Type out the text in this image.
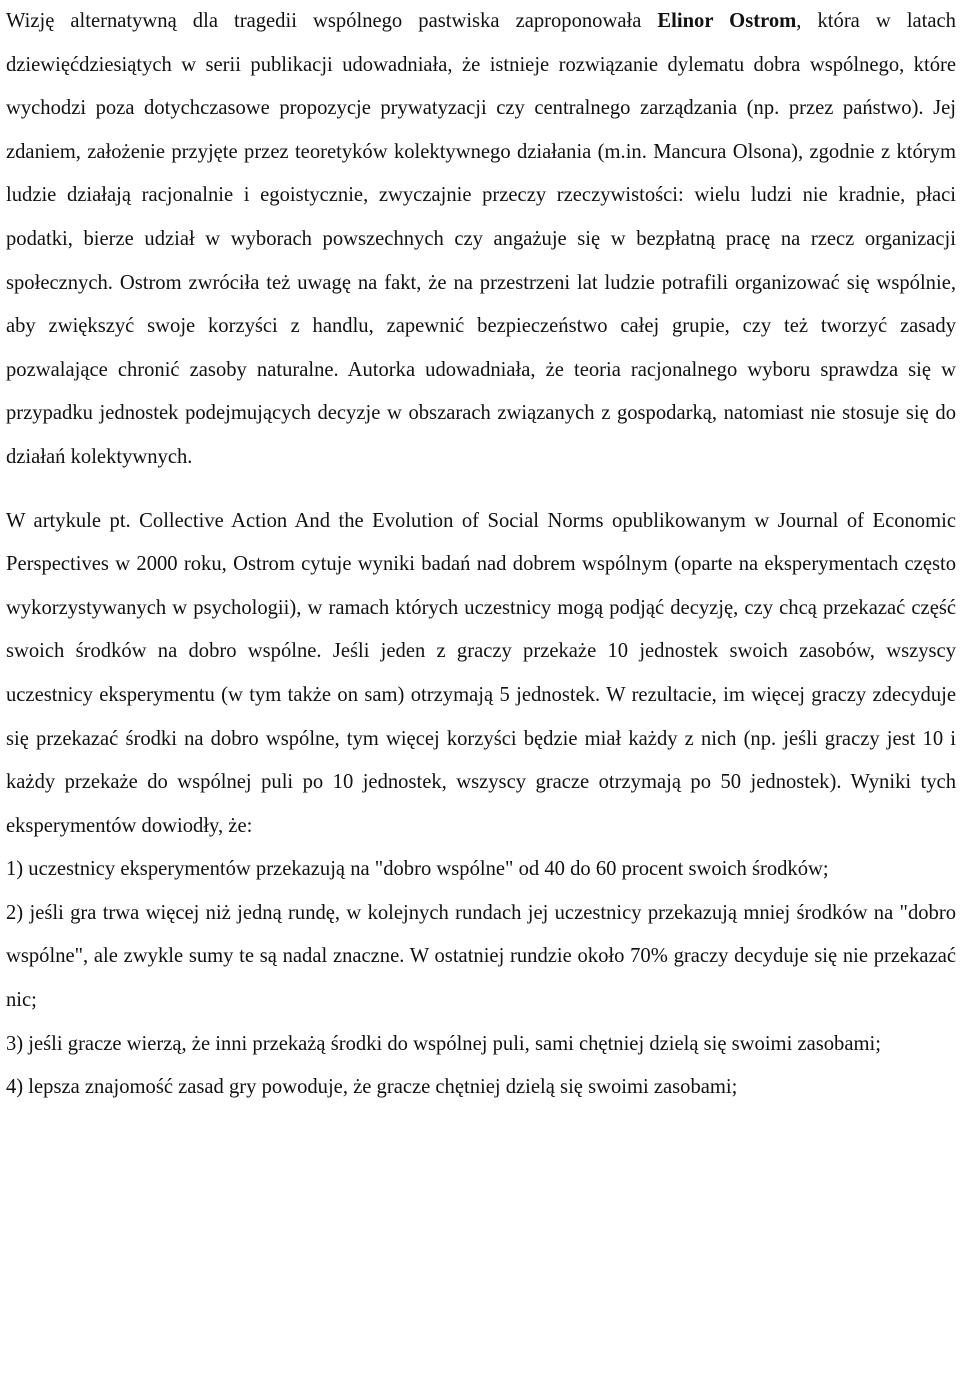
Wizję alternatywną dla tragedii wspólnego pastwiska zaproponowała Elinor Ostrom, która w latach dziewięćdziesiątych w serii publikacji udowadniała, że istnieje rozwiązanie dylematu dobra wspólnego, które wychodzi poza dotychczasowe propozycje prywatyzacji czy centralnego zarządzania (np. przez państwo). Jej zdaniem, założenie przyjęte przez teoretyków kolektywnego działania (m.in. Mancura Olsona), zgodnie z którym ludzie działają racjonalnie i egoistycznie, zwyczajnie przeczy rzeczywistości: wielu ludzi nie kradnie, płaci podatki, bierze udział w wyborach powszechnych czy angażuje się w bezpłatną pracę na rzecz organizacji społecznych. Ostrom zwróciła też uwagę na fakt, że na przestrzeni lat ludzie potrafili organizować się wspólnie, aby zwiększyć swoje korzyści z handlu, zapewnić bezpieczeństwo całej grupie, czy też tworzyć zasady pozwalające chronić zasoby naturalne. Autorka udowadniała, że teoria racjonalnego wyboru sprawdza się w przypadku jednostek podejmujących decyzje w obszarach związanych z gospodarką, natomiast nie stosuje się do działań kolektywnych.

W artykule pt. Collective Action And the Evolution of Social Norms opublikowanym w Journal of Economic Perspectives w 2000 roku, Ostrom cytuje wyniki badań nad dobrem wspólnym (oparte na eksperymentach często wykorzystywanych w psychologii), w ramach których uczestnicy mogą podjąć decyzję, czy chcą przekazać część swoich środków na dobro wspólne. Jeśli jeden z graczy przekaże 10 jednostek swoich zasobów, wszyscy uczestnicy eksperymentu (w tym także on sam) otrzymają 5 jednostek. W rezultacie, im więcej graczy zdecyduje się przekazać środki na dobro wspólne, tym więcej korzyści będzie miał każdy z nich (np. jeśli graczy jest 10 i każdy przekaże do wspólnej puli po 10 jednostek, wszyscy gracze otrzymają po 50 jednostek). Wyniki tych eksperymentów dowiodły, że:

1) uczestnicy eksperymentów przekazują na "dobro wspólne" od 40 do 60 procent swoich środków;

2) jeśli gra trwa więcej niż jedną rundę, w kolejnych rundach jej uczestnicy przekazują mniej środków na "dobro wspólne", ale zwykle sumy te są nadal znaczne. W ostatniej rundzie około 70% graczy decyduje się nie przekazać nic;

3) jeśli gracze wierzą, że inni przekażą środki do wspólnej puli, sami chętniej dzielą się swoimi zasobami;

4) lepsza znajomość zasad gry powoduje, że gracze chętniej dzielą się swoimi zasobami;
